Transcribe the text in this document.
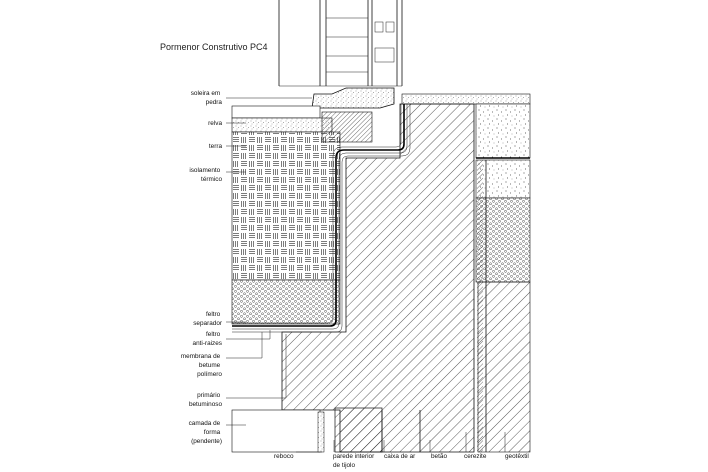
Pormenor Construtivo PC4
soleira em pedra
relva
terra
isolamento térmico
feltro separador
feltro anti-raizes
membrana de betume polímero
primário betuminoso
camada de forma (pendente)
reboco	parede interior de tijolo
caixa de ar betão	cerezite	geotêxtil
